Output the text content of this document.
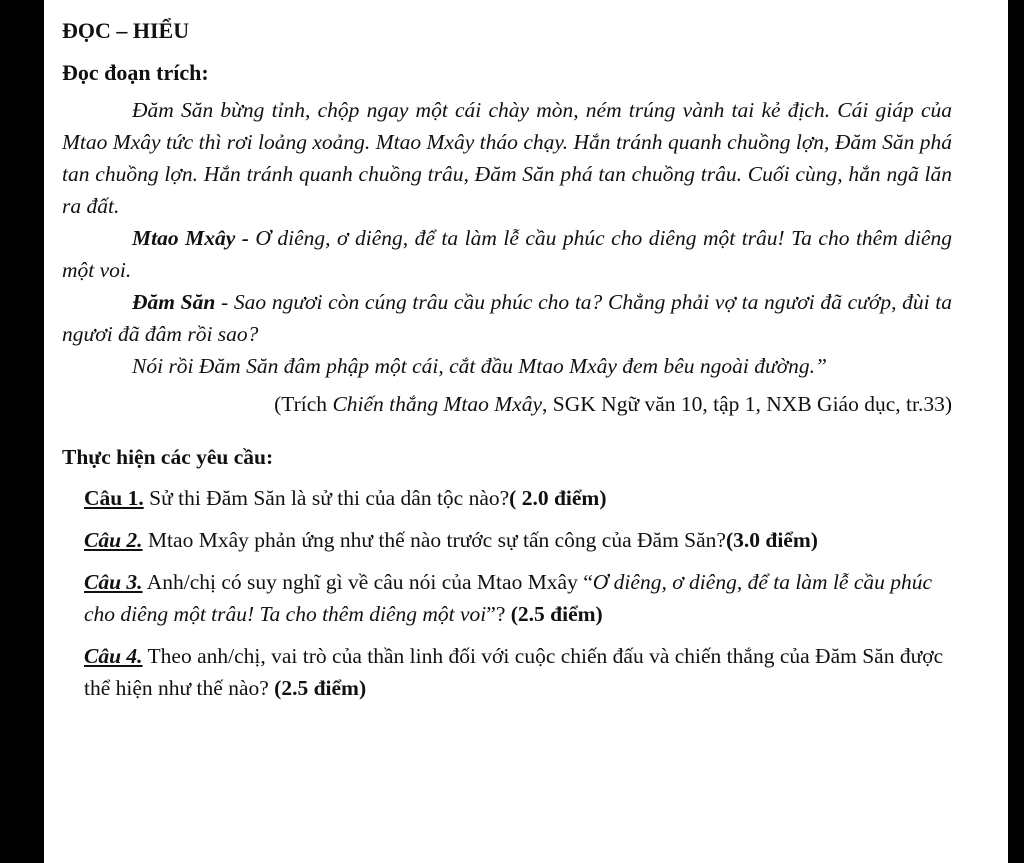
ĐỌC – HIỂU

Đọc đoạn trích:

Đăm Săn bừng tỉnh, chộp ngay một cái chày mòn, ném trúng vành tai kẻ địch. Cái giáp của Mtao Mxây tức thì rơi loảng xoảng. Mtao Mxây tháo chạy. Hắn tránh quanh chuồng lợn, Đăm Săn phá tan chuồng lợn. Hắn tránh quanh chuồng trâu, Đăm Săn phá tan chuồng trâu. Cuối cùng, hắn ngã lăn ra đất.

Mtao Mxây - Ơ diêng, ơ diêng, để ta làm lễ cầu phúc cho diêng một trâu! Ta cho thêm diêng một voi.

Đăm Săn - Sao ngươi còn cúng trâu cầu phúc cho ta? Chẳng phải vợ ta ngươi đã cướp, đùi ta ngươi đã đâm rồi sao?

Nói rồi Đăm Săn đâm phập một cái, cắt đầu Mtao Mxây đem bêu ngoài đường.”

(Trích Chiến thắng Mtao Mxây, SGK Ngữ văn 10, tập 1, NXB Giáo dục, tr.33)

Thực hiện các yêu cầu:

Câu 1. Sử thi Đăm Săn là sử thi của dân tộc nào?( 2.0 điểm)

Câu 2. Mtao Mxây phản ứng như thế nào trước sự tấn công của Đăm Săn?(3.0 điểm)

Câu 3. Anh/chị có suy nghĩ gì về câu nói của Mtao Mxây “Ơ diêng, ơ diêng, để ta làm lễ cầu phúc cho diêng một trâu! Ta cho thêm diêng một voi”? (2.5 điểm)

Câu 4. Theo anh/chị, vai trò của thần linh đối với cuộc chiến đấu và chiến thắng của Đăm Săn được thể hiện như thế nào? (2.5 điểm)
